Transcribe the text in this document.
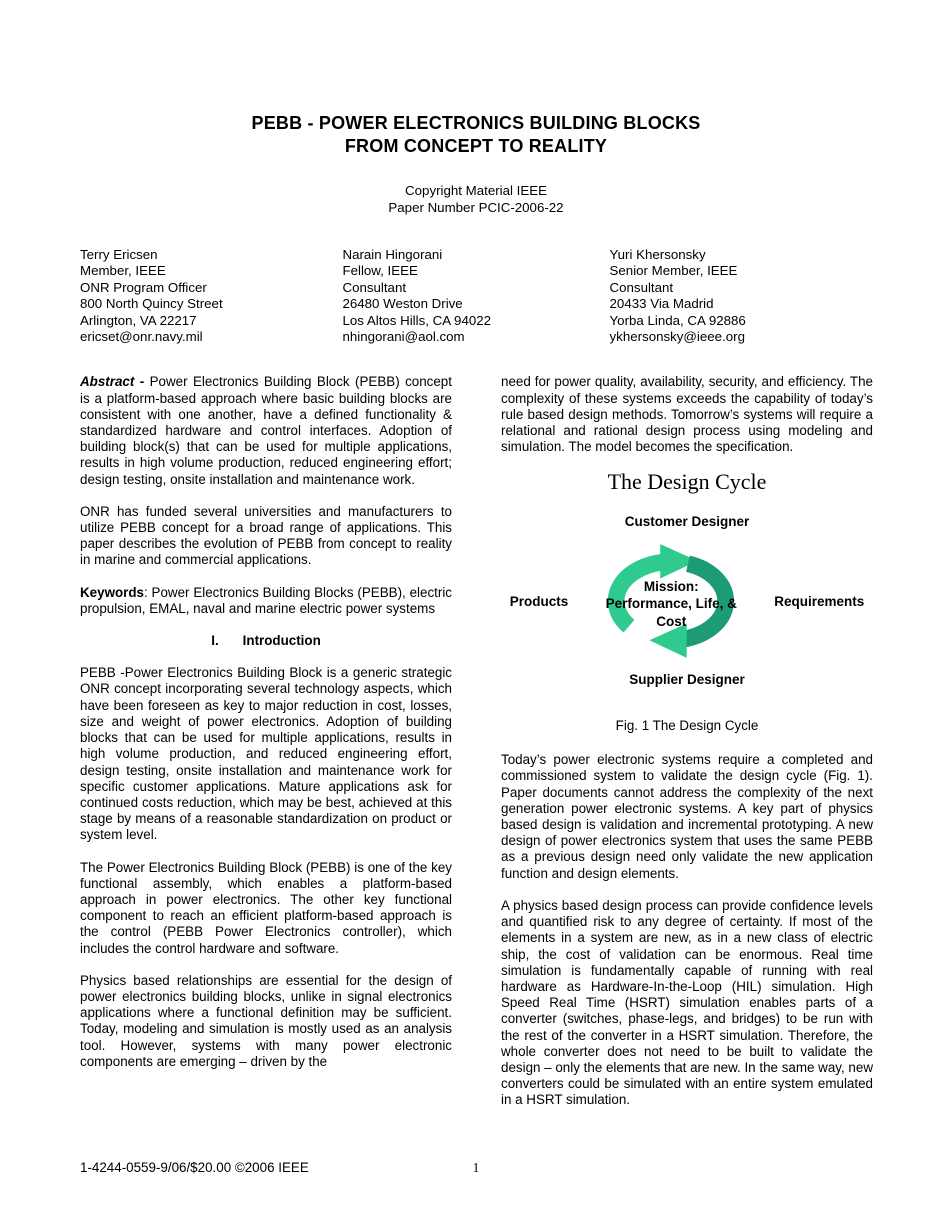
PEBB - POWER ELECTRONICS BUILDING BLOCKS
FROM CONCEPT TO REALITY
Copyright Material IEEE
Paper Number PCIC-2006-22
Terry Ericsen
Member, IEEE
ONR Program Officer
800 North Quincy Street
Arlington, VA 22217
ericset@onr.navy.mil
Narain Hingorani
Fellow, IEEE
Consultant
26480 Weston Drive
Los Altos Hills, CA 94022
nhingorani@aol.com
Yuri Khersonsky
Senior Member, IEEE
Consultant
20433 Via Madrid
Yorba Linda, CA 92886
ykhersonsky@ieee.org

Abstract - Power Electronics Building Block (PEBB) concept is a platform-based approach where basic building blocks are consistent with one another, have a defined functionality & standardized hardware and control interfaces. Adoption of building block(s) that can be used for multiple applications, results in high volume production, reduced engineering effort; design testing, onsite installation and maintenance work.

ONR has funded several universities and manufacturers to utilize PEBB concept for a broad range of applications. This paper describes the evolution of PEBB from concept to reality in marine and commercial applications.

Keywords: Power Electronics Building Blocks (PEBB), electric propulsion, EMAL, naval and marine electric power systems

I. Introduction

PEBB -Power Electronics Building Block is a generic strategic ONR concept incorporating several technology aspects, which have been foreseen as key to major reduction in cost, losses, size and weight of power electronics. Adoption of building blocks that can be used for multiple applications, results in high volume production, and reduced engineering effort, design testing, onsite installation and maintenance work for specific customer applications. Mature applications ask for continued costs reduction, which may be best, achieved at this stage by means of a reasonable standardization on product or system level.

The Power Electronics Building Block (PEBB) is one of the key functional assembly, which enables a platform-based approach in power electronics. The other key functional component to reach an efficient platform-based approach is the control (PEBB Power Electronics controller), which includes the control hardware and software.

Physics based relationships are essential for the design of power electronics building blocks, unlike in signal electronics applications where a functional definition may be sufficient. Today, modeling and simulation is mostly used as an analysis tool. However, systems with many power electronic components are emerging – driven by the

need for power quality, availability, security, and efficiency. The complexity of these systems exceeds the capability of today’s rule based design methods. Tomorrow’s systems will require a relational and rational design process using modeling and simulation. The model becomes the specification.

The Design Cycle
Customer Designer
Products
Mission:
Performance, Life, &
Cost
Requirements
Supplier Designer
Fig. 1 The Design Cycle

Today’s power electronic systems require a completed and commissioned system to validate the design cycle (Fig. 1). Paper documents cannot address the complexity of the next generation power electronic systems. A key part of physics based design is validation and incremental prototyping. A new design of power electronics system that uses the same PEBB as a previous design need only validate the new application function and design elements.

A physics based design process can provide confidence levels and quantified risk to any degree of certainty. If most of the elements in a system are new, as in a new class of electric ship, the cost of validation can be enormous. Real time simulation is fundamentally capable of running with real hardware as Hardware-In-the-Loop (HIL) simulation. High Speed Real Time (HSRT) simulation enables parts of a converter (switches, phase-legs, and bridges) to be run with the rest of the converter in a HSRT simulation. Therefore, the whole converter does not need to be built to validate the design – only the elements that are new. In the same way, new converters could be simulated with an entire system emulated in a HSRT simulation.

1-4244-0559-9/06/$20.00 ©2006 IEEE	1
